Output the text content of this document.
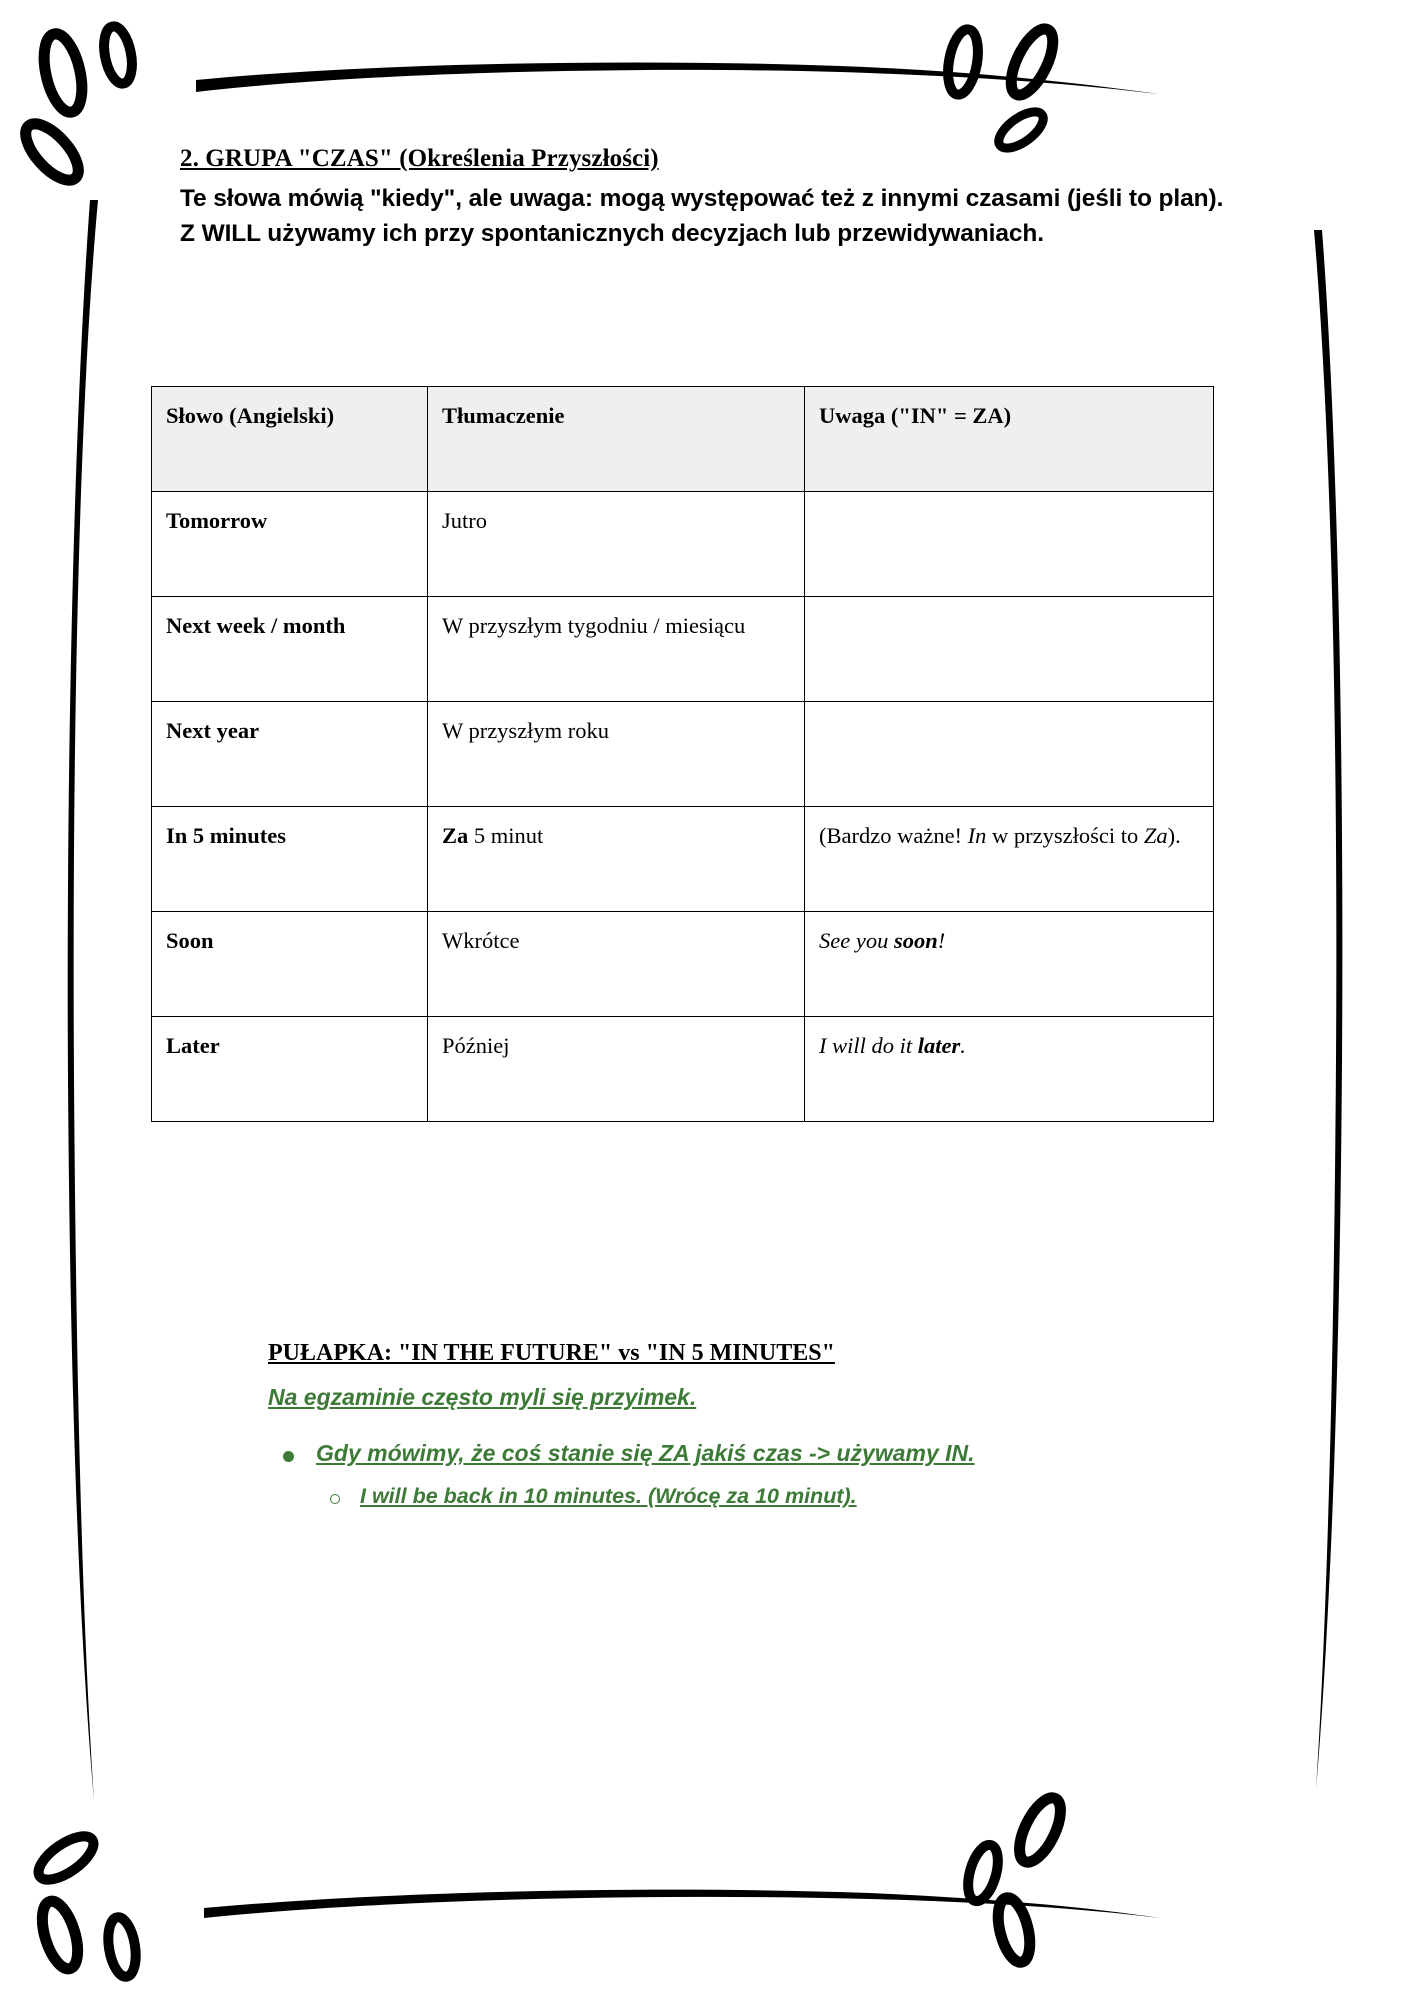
2. GRUPA "CZAS" (Określenia Przyszłości)
Te słowa mówią "kiedy", ale uwaga: mogą występować też z innymi czasami (jeśli to plan). Z WILL używamy ich przy spontanicznych decyzjach lub przewidywaniach.
Słowo (Angielski)	Tłumaczenie	Uwaga ("IN" = ZA)
Tomorrow	Jutro	
Next week / month	W przyszłym tygodniu / miesiącu	
Next year	W przyszłym roku	
In 5 minutes	Za 5 minut	(Bardzo ważne! In w przyszłości to Za).
Soon	Wkrótce	See you soon!
Later	Później	I will do it later.
PUŁAPKA: "IN THE FUTURE" vs "IN 5 MINUTES"
Na egzaminie często myli się przyimek.
Gdy mówimy, że coś stanie się ZA jakiś czas -> używamy IN.
I will be back in 10 minutes. (Wrócę za 10 minut).
